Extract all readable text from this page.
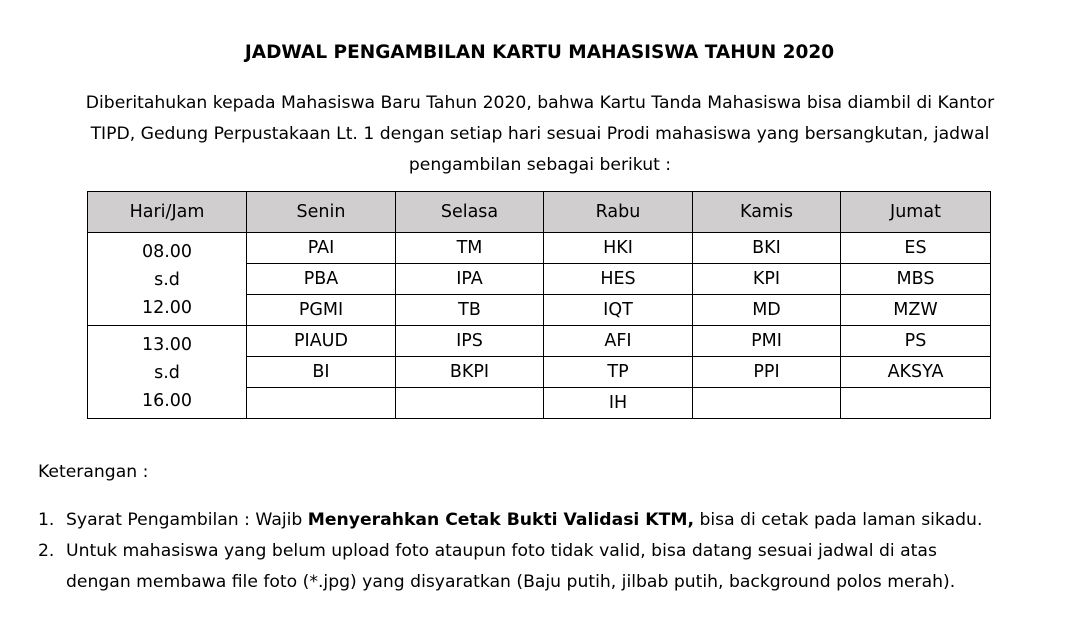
JADWAL PENGAMBILAN KARTU MAHASISWA TAHUN 2020
Diberitahukan kepada Mahasiswa Baru Tahun 2020, bahwa Kartu Tanda Mahasiswa bisa diambil di Kantor
TIPD, Gedung Perpustakaan Lt. 1 dengan setiap hari sesuai Prodi mahasiswa yang bersangkutan, jadwal
pengambilan sebagai berikut :
Hari/Jam	Senin	Selasa	Rabu	Kamis	Jumat

08.00
s.d
12.00	PAI	TM	HKI	BKI	ES
	PBA	IPA	HES	KPI	MBS
	PGMI	TB	IQT	MD	MZW

13.00
s.d
16.00	PIAUD	IPS	AFI	PMI	PS
	BI	BKPI	TP	PPI	AKSYA
			IH		
Keterangan :
1. Syarat Pengambilan : Wajib Menyerahkan Cetak Bukti Validasi KTM, bisa di cetak pada laman sikadu.
2. Untuk mahasiswa yang belum upload foto ataupun foto tidak valid, bisa datang sesuai jadwal di atas
dengan membawa file foto (*.jpg) yang disyaratkan (Baju putih, jilbab putih, background polos merah).
